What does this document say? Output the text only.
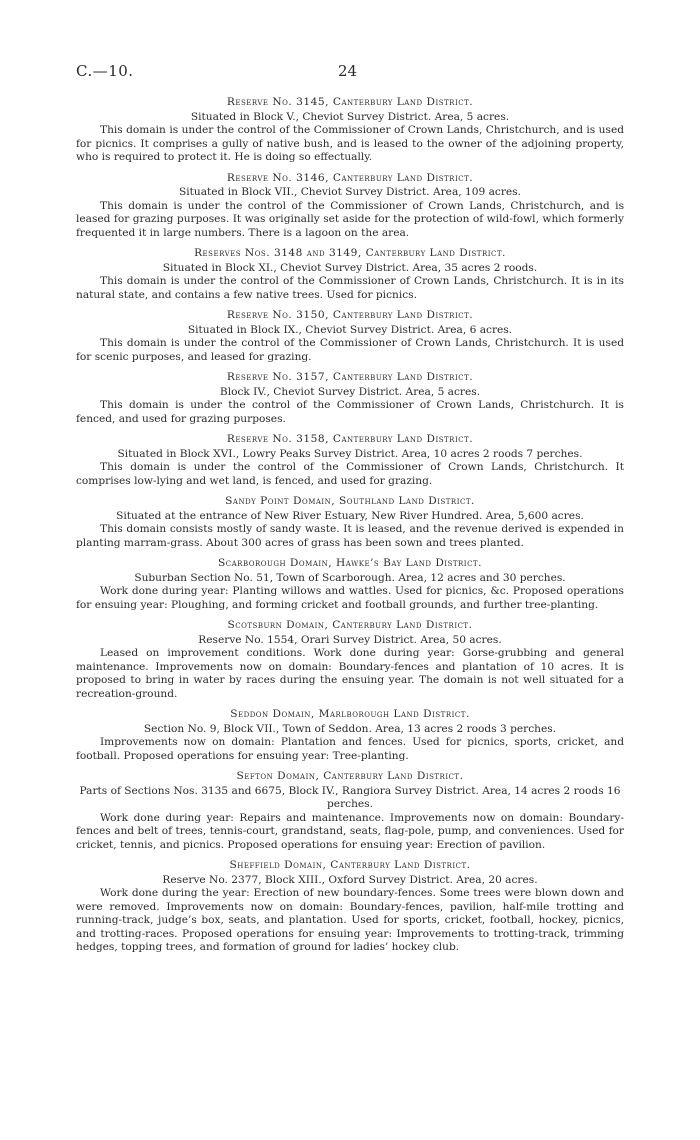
C.—10.	24
Reserve No. 3145, Canterbury Land District.
Situated in Block V., Cheviot Survey District. Area, 5 acres.
This domain is under the control of the Commissioner of Crown Lands, Christchurch, and is used for picnics. It comprises a gully of native bush, and is leased to the owner of the adjoining property, who is required to protect it. He is doing so effectually.
Reserve No. 3146, Canterbury Land District.
Situated in Block VII., Cheviot Survey District. Area, 109 acres.
This domain is under the control of the Commissioner of Crown Lands, Christchurch, and is leased for grazing purposes. It was originally set aside for the protection of wild-fowl, which formerly frequented it in large numbers. There is a lagoon on the area.
Reserves Nos. 3148 and 3149, Canterbury Land District.
Situated in Block XI., Cheviot Survey District. Area, 35 acres 2 roods.
This domain is under the control of the Commissioner of Crown Lands, Christchurch. It is in its natural state, and contains a few native trees. Used for picnics.
Reserve No. 3150, Canterbury Land District.
Situated in Block IX., Cheviot Survey District. Area, 6 acres.
This domain is under the control of the Commissioner of Crown Lands, Christchurch. It is used for scenic purposes, and leased for grazing.
Reserve No. 3157, Canterbury Land District.
Block IV., Cheviot Survey District. Area, 5 acres.
This domain is under the control of the Commissioner of Crown Lands, Christchurch. It is fenced, and used for grazing purposes.
Reserve No. 3158, Canterbury Land District.
Situated in Block XVI., Lowry Peaks Survey District. Area, 10 acres 2 roods 7 perches.
This domain is under the control of the Commissioner of Crown Lands, Christchurch. It comprises low-lying and wet land, is fenced, and used for grazing.
Sandy Point Domain, Southland Land District.
Situated at the entrance of New River Estuary, New River Hundred. Area, 5,600 acres.
This domain consists mostly of sandy waste. It is leased, and the revenue derived is expended in planting marram-grass. About 300 acres of grass has been sown and trees planted.
Scarborough Domain, Hawke’s Bay Land District.
Suburban Section No. 51, Town of Scarborough. Area, 12 acres and 30 perches.
Work done during year: Planting willows and wattles. Used for picnics, &c. Proposed operations for ensuing year: Ploughing, and forming cricket and football grounds, and further tree-planting.
Scotsburn Domain, Canterbury Land District.
Reserve No. 1554, Orari Survey District. Area, 50 acres.
Leased on improvement conditions. Work done during year: Gorse-grubbing and general maintenance. Improvements now on domain: Boundary-fences and plantation of 10 acres. It is proposed to bring in water by races during the ensuing year. The domain is not well situated for a recreation-ground.
Seddon Domain, Marlborough Land District.
Section No. 9, Block VII., Town of Seddon. Area, 13 acres 2 roods 3 perches.
Improvements now on domain: Plantation and fences. Used for picnics, sports, cricket, and football. Proposed operations for ensuing year: Tree-planting.
Sefton Domain, Canterbury Land District.
Parts of Sections Nos. 3135 and 6675, Block IV., Rangiora Survey District. Area, 14 acres 2 roods 16 perches.
Work done during year: Repairs and maintenance. Improvements now on domain: Boundary-fences and belt of trees, tennis-court, grandstand, seats, flag-pole, pump, and conveniences. Used for cricket, tennis, and picnics. Proposed operations for ensuing year: Erection of pavilion.
Sheffield Domain, Canterbury Land District.
Reserve No. 2377, Block XIII., Oxford Survey District. Area, 20 acres.
Work done during the year: Erection of new boundary-fences. Some trees were blown down and were removed. Improvements now on domain: Boundary-fences, pavilion, half-mile trotting and running-track, judge’s box, seats, and plantation. Used for sports, cricket, football, hockey, picnics, and trotting-races. Proposed operations for ensuing year: Improvements to trotting-track, trimming hedges, topping trees, and formation of ground for ladies’ hockey club.
